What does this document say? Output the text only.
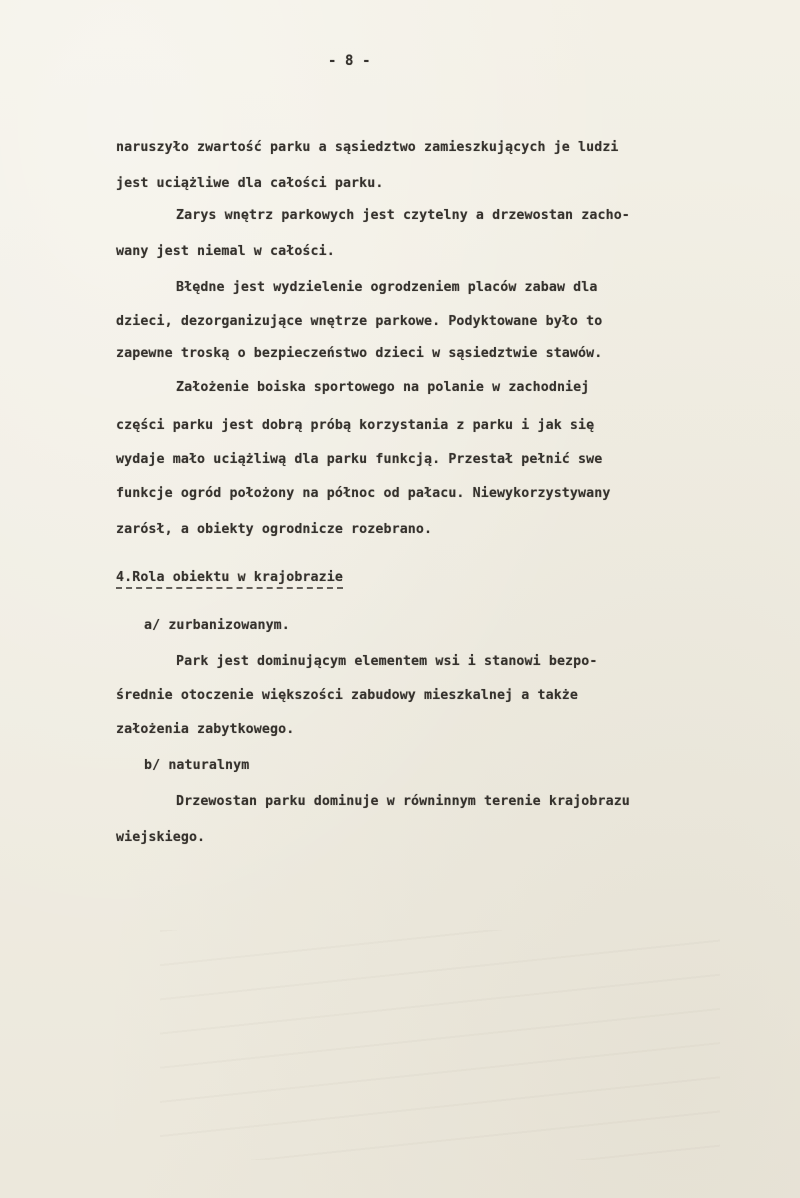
- 8 -

naruszyło zwartość parku a sąsiedztwo zamieszkujących je ludzi

jest uciążliwe dla całości parku.

Zarys wnętrz parkowych jest czytelny a drzewostan zacho-

wany jest niemal w całości.

Błędne jest wydzielenie ogrodzeniem placów zabaw dla

dzieci, dezorganizujące wnętrze parkowe. Podyktowane było to

zapewne troską o bezpieczeństwo dzieci w sąsiedztwie stawów.

Założenie boiska sportowego na polanie w zachodniej

części parku jest dobrą próbą korzystania z parku i jak się

wydaje mało uciążliwą dla parku funkcją. Przestał pełnić swe

funkcje ogród położony na północ od pałacu. Niewykorzystywany

zarósł, a obiekty ogrodnicze rozebrano.

4.Rola obiektu w krajobrazie

a/ zurbanizowanym.

Park jest dominującym elementem wsi i stanowi bezpo-

średnie otoczenie większości zabudowy mieszkalnej a także

założenia zabytkowego.

b/ naturalnym

Drzewostan parku dominuje w równinnym terenie krajobrazu

wiejskiego.
